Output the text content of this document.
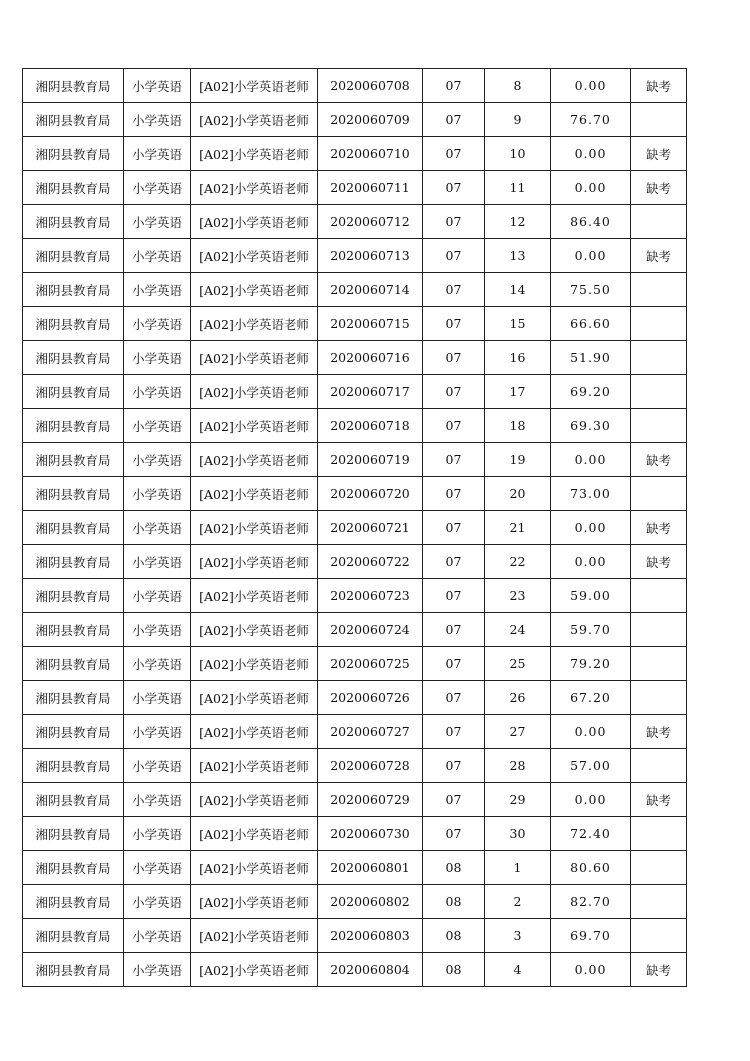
湘阴县教育局	小学英语	[A02]小学英语老师	2020060708	07	8	0.00	缺考
湘阴县教育局	小学英语	[A02]小学英语老师	2020060709	07	9	76.70	
湘阴县教育局	小学英语	[A02]小学英语老师	2020060710	07	10	0.00	缺考
湘阴县教育局	小学英语	[A02]小学英语老师	2020060711	07	11	0.00	缺考
湘阴县教育局	小学英语	[A02]小学英语老师	2020060712	07	12	86.40	
湘阴县教育局	小学英语	[A02]小学英语老师	2020060713	07	13	0.00	缺考
湘阴县教育局	小学英语	[A02]小学英语老师	2020060714	07	14	75.50	
湘阴县教育局	小学英语	[A02]小学英语老师	2020060715	07	15	66.60	
湘阴县教育局	小学英语	[A02]小学英语老师	2020060716	07	16	51.90	
湘阴县教育局	小学英语	[A02]小学英语老师	2020060717	07	17	69.20	
湘阴县教育局	小学英语	[A02]小学英语老师	2020060718	07	18	69.30	
湘阴县教育局	小学英语	[A02]小学英语老师	2020060719	07	19	0.00	缺考
湘阴县教育局	小学英语	[A02]小学英语老师	2020060720	07	20	73.00	
湘阴县教育局	小学英语	[A02]小学英语老师	2020060721	07	21	0.00	缺考
湘阴县教育局	小学英语	[A02]小学英语老师	2020060722	07	22	0.00	缺考
湘阴县教育局	小学英语	[A02]小学英语老师	2020060723	07	23	59.00	
湘阴县教育局	小学英语	[A02]小学英语老师	2020060724	07	24	59.70	
湘阴县教育局	小学英语	[A02]小学英语老师	2020060725	07	25	79.20	
湘阴县教育局	小学英语	[A02]小学英语老师	2020060726	07	26	67.20	
湘阴县教育局	小学英语	[A02]小学英语老师	2020060727	07	27	0.00	缺考
湘阴县教育局	小学英语	[A02]小学英语老师	2020060728	07	28	57.00	
湘阴县教育局	小学英语	[A02]小学英语老师	2020060729	07	29	0.00	缺考
湘阴县教育局	小学英语	[A02]小学英语老师	2020060730	07	30	72.40	
湘阴县教育局	小学英语	[A02]小学英语老师	2020060801	08	1	80.60	
湘阴县教育局	小学英语	[A02]小学英语老师	2020060802	08	2	82.70	
湘阴县教育局	小学英语	[A02]小学英语老师	2020060803	08	3	69.70	
湘阴县教育局	小学英语	[A02]小学英语老师	2020060804	08	4	0.00	缺考
